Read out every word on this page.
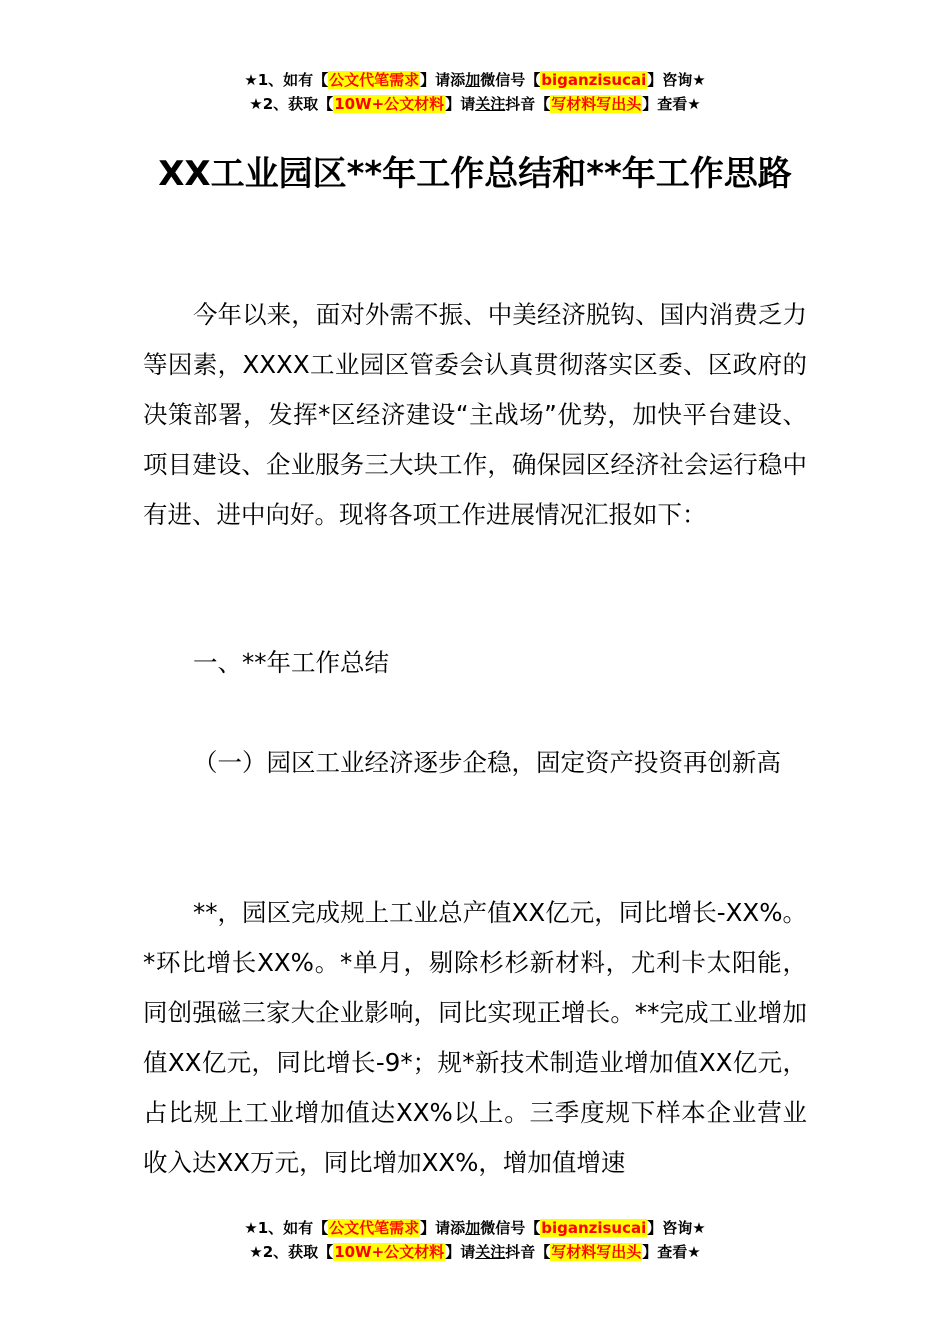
★1、如有【公文代笔需求】请添加微信号【biganzisucai】咨询★
★2、获取【10W+公文材料】请关注抖音【写材料写出头】查看★
XX工业园区**年工作总结和**年工作思路

今年以来，面对外需不振、中美经济脱钩、国内消费乏力等因素，XXXX工业园区管委会认真贯彻落实区委、区政府的决策部署，发挥*区经济建设“主战场”优势，加快平台建设、项目建设、企业服务三大块工作，确保园区经济社会运行稳中有进、进中向好。现将各项工作进展情况汇报如下：

一、**年工作总结

（一）园区工业经济逐步企稳，固定资产投资再创新高

**，园区完成规上工业总产值XX亿元，同比增长-XX%。*环比增长XX%。*单月，剔除杉杉新材料，尤利卡太阳能，同创强磁三家大企业影响，同比实现正增长。**完成工业增加值XX亿元，同比增长-9*；规*新技术制造业增加值XX亿元，占比规上工业增加值达XX%以上。三季度规下样本企业营业收入达XX万元，同比增加XX%，增加值增速

★1、如有【公文代笔需求】请添加微信号【biganzisucai】咨询★
★2、获取【10W+公文材料】请关注抖音【写材料写出头】查看★
